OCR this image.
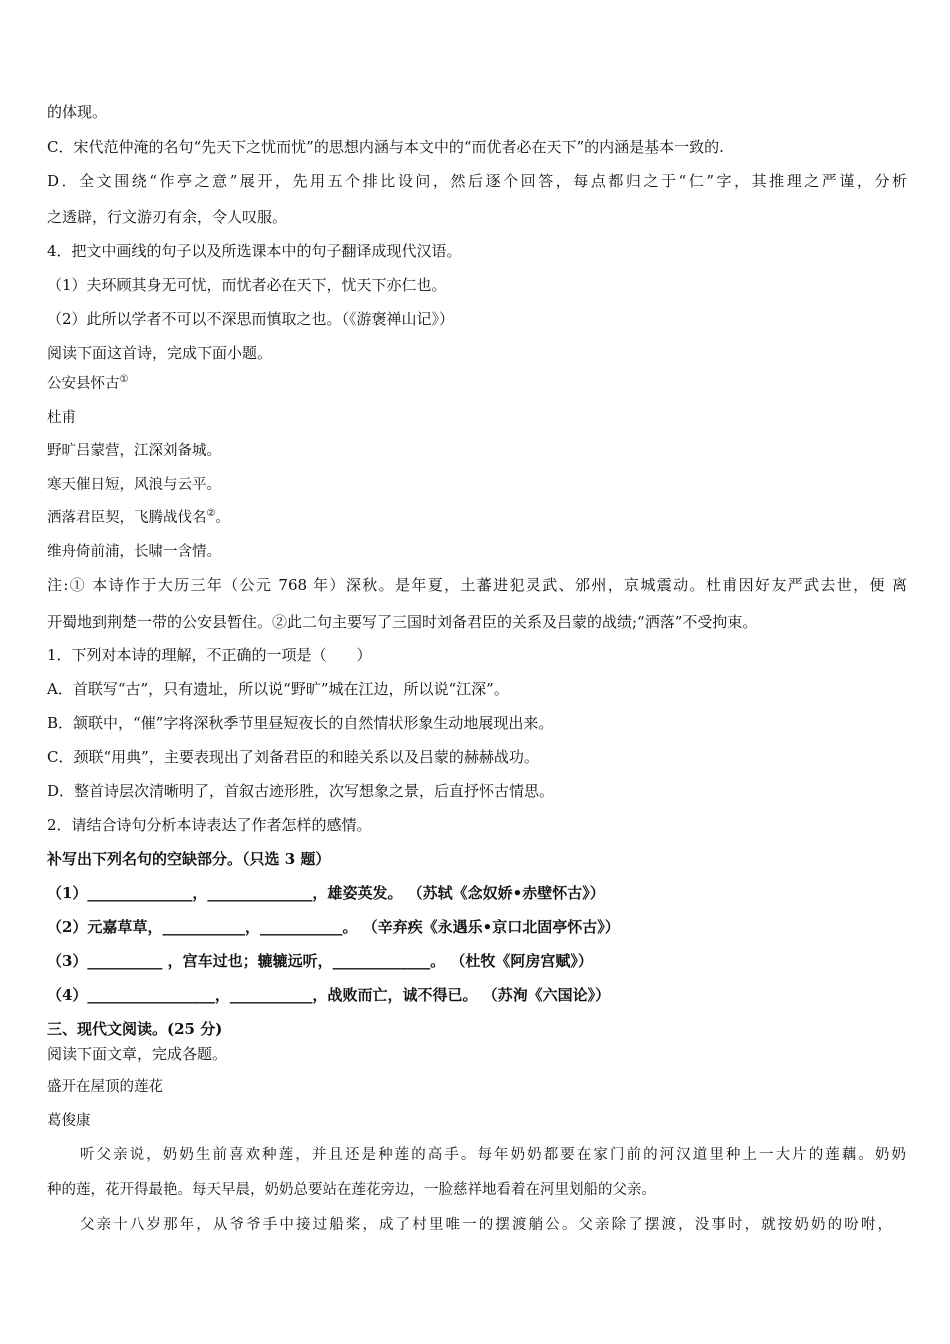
的体现。
C．宋代范仲淹的名句“先天下之忧而忧”的思想内涵与本文中的“而优者必在天下”的内涵是基本一致的.
D．全文围绕“作亭之意”展开，先用五个排比设问，然后逐个回答，每点都归之于“仁”字，其推理之严谨，分析
之透辟，行文游刃有余，令人叹服。
4．把文中画线的句子以及所选课本中的句子翻译成现代汉语。
（1）夫环顾其身无可忧，而忧者必在天下，忧天下亦仁也。
（2）此所以学者不可以不深思而慎取之也。（《游褒禅山记》）
阅读下面这首诗，完成下面小题。
公安县怀古①
杜甫
野旷吕蒙营，江深刘备城。
寒天催日短，风浪与云平。
洒落君臣契，飞腾战伐名②。
维舟倚前浦，长啸一含情。
注:① 本诗作于大历三年（公元 768 年）深秋。是年夏，土蕃进犯灵武、邠州，京城震动。杜甫因好友严武去世，便 离
开蜀地到荆楚一带的公安县暂住。②此二句主要写了三国时刘备君臣的关系及吕蒙的战绩;“洒落”不受拘束。
1．下列对本诗的理解，不正确的一项是（　　）
A．首联写“古”，只有遗址，所以说“野旷”城在江边，所以说“江深”。
B．颔联中，“催”字将深秋季节里昼短夜长的自然情状形象生动地展现出来。
C．颈联“用典”，主要表现出了刘备君臣的和睦关系以及吕蒙的赫赫战功。
D．整首诗层次清晰明了，首叙古迹形胜，次写想象之景，后直抒怀古情思。
2．请结合诗句分析本诗表达了作者怎样的感情。
补写出下列名句的空缺部分。（只选 3 题）
（1）______________，______________，雄姿英发。 （苏轼《念奴娇•赤壁怀古》）
（2）元嘉草草，___________，___________。 （辛弃疾《永遇乐•京口北固亭怀古》）
（3）__________ ，宫车过也；辘辘远听，_____________。 （杜牧《阿房宫赋》）
（4）_________________，___________，战败而亡，诚不得已。 （苏洵《六国论》）
三、现代文阅读。(25 分)
阅读下面文章，完成各题。
盛开在屋顶的莲花
葛俊康
听父亲说，奶奶生前喜欢种莲，并且还是种莲的高手。每年奶奶都要在家门前的河汉道里种上一大片的莲藕。奶奶
种的莲，花开得最艳。每天早晨，奶奶总要站在莲花旁边，一脸慈祥地看着在河里划船的父亲。
父亲十八岁那年，从爷爷手中接过船桨，成了村里唯一的摆渡艄公。父亲除了摆渡，没事时，就按奶奶的吩咐，
